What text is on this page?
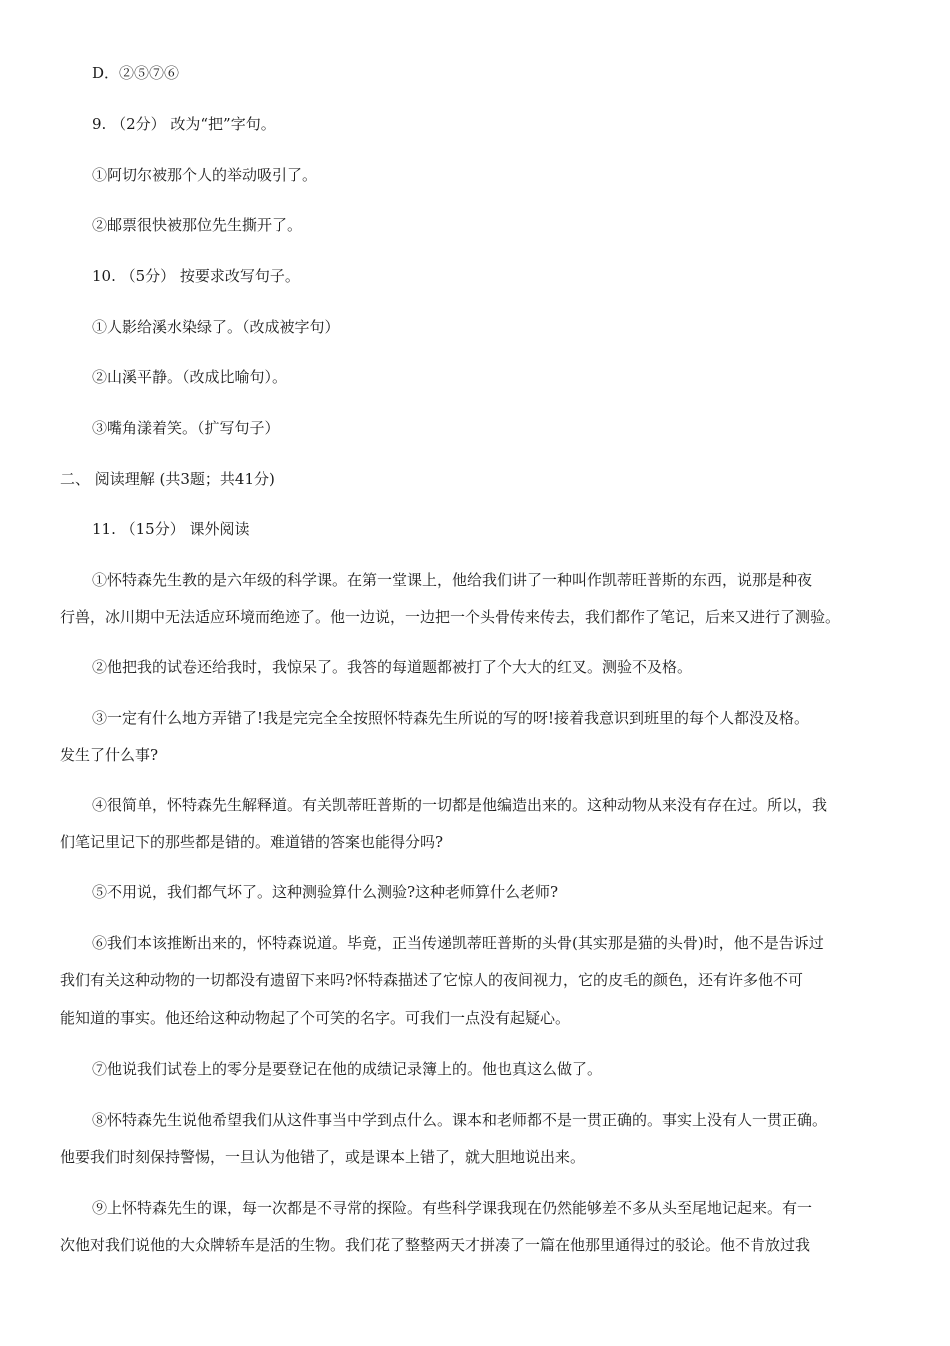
D．②⑤⑦⑥
9. （2分） 改为“把”字句。
①阿切尔被那个人的举动吸引了。
②邮票很快被那位先生撕开了。
10. （5分） 按要求改写句子。
①人影给溪水染绿了。（改成被字句）
②山溪平静。（改成比喻句）。
③嘴角漾着笑。（扩写句子）
二、 阅读理解 (共3题；共41分)
11. （15分） 课外阅读
①怀特森先生教的是六年级的科学课。在第一堂课上，他给我们讲了一种叫作凯蒂旺普斯的东西，说那是种夜
行兽，冰川期中无法适应环境而绝迹了。他一边说，一边把一个头骨传来传去，我们都作了笔记，后来又进行了测验。
②他把我的试卷还给我时，我惊呆了。我答的每道题都被打了个大大的红叉。测验不及格。
③一定有什么地方弄错了!我是完完全全按照怀特森先生所说的写的呀!接着我意识到班里的每个人都没及格。
发生了什么事?
④很简单，怀特森先生解释道。有关凯蒂旺普斯的一切都是他编造出来的。这种动物从来没有存在过。所以，我
们笔记里记下的那些都是错的。难道错的答案也能得分吗?
⑤不用说，我们都气坏了。这种测验算什么测验?这种老师算什么老师?
⑥我们本该推断出来的，怀特森说道。毕竟，正当传递凯蒂旺普斯的头骨(其实那是猫的头骨)时，他不是告诉过
我们有关这种动物的一切都没有遗留下来吗?怀特森描述了它惊人的夜间视力，它的皮毛的颜色，还有许多他不可
能知道的事实。他还给这种动物起了个可笑的名字。可我们一点没有起疑心。
⑦他说我们试卷上的零分是要登记在他的成绩记录簿上的。他也真这么做了。
⑧怀特森先生说他希望我们从这件事当中学到点什么。课本和老师都不是一贯正确的。事实上没有人一贯正确。
他要我们时刻保持警惕，一旦认为他错了，或是课本上错了，就大胆地说出来。
⑨上怀特森先生的课，每一次都是不寻常的探险。有些科学课我现在仍然能够差不多从头至尾地记起来。有一
次他对我们说他的大众牌轿车是活的生物。我们花了整整两天才拼凑了一篇在他那里通得过的驳论。他不肯放过我
